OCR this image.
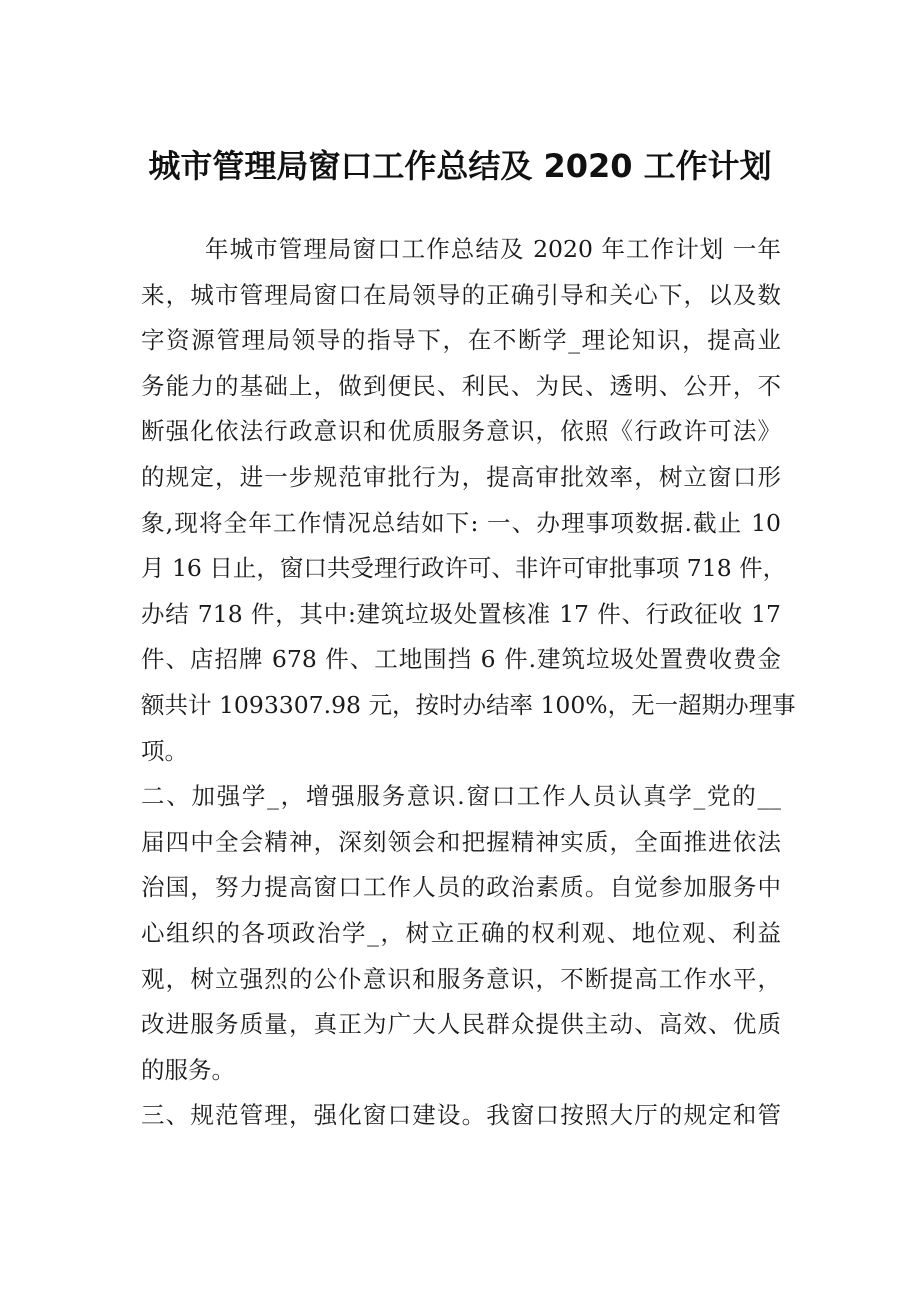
城市管理局窗口工作总结及 2020 工作计划
年城市管理局窗口工作总结及 2020 年工作计划 一年
来，城市管理局窗口在局领导的正确引导和关心下，以及数
字资源管理局领导的指导下，在不断学_理论知识，提高业
务能力的基础上，做到便民、利民、为民、透明、公开，不
断强化依法行政意识和优质服务意识，依照《行政许可法》
的规定，进一步规范审批行为，提高审批效率，树立窗口形
象,现将全年工作情况总结如下: 一、办理事项数据.截止 10
月 16 日止，窗口共受理行政许可、非许可审批事项 718 件，
办结 718 件，其中:建筑垃圾处置核准 17 件、行政征收 17
件、店招牌 678 件、工地围挡 6 件.建筑垃圾处置费收费金
额共计 1093307.98 元，按时办结率 100%，无一超期办理事
项。
二、加强学_，增强服务意识.窗口工作人员认真学_党的__
届四中全会精神，深刻领会和把握精神实质，全面推进依法
治国，努力提高窗口工作人员的政治素质。自觉参加服务中
心组织的各项政治学_，树立正确的权利观、地位观、利益
观，树立强烈的公仆意识和服务意识，不断提高工作水平，
改进服务质量，真正为广大人民群众提供主动、高效、优质
的服务。
三、规范管理，强化窗口建设。我窗口按照大厅的规定和管
